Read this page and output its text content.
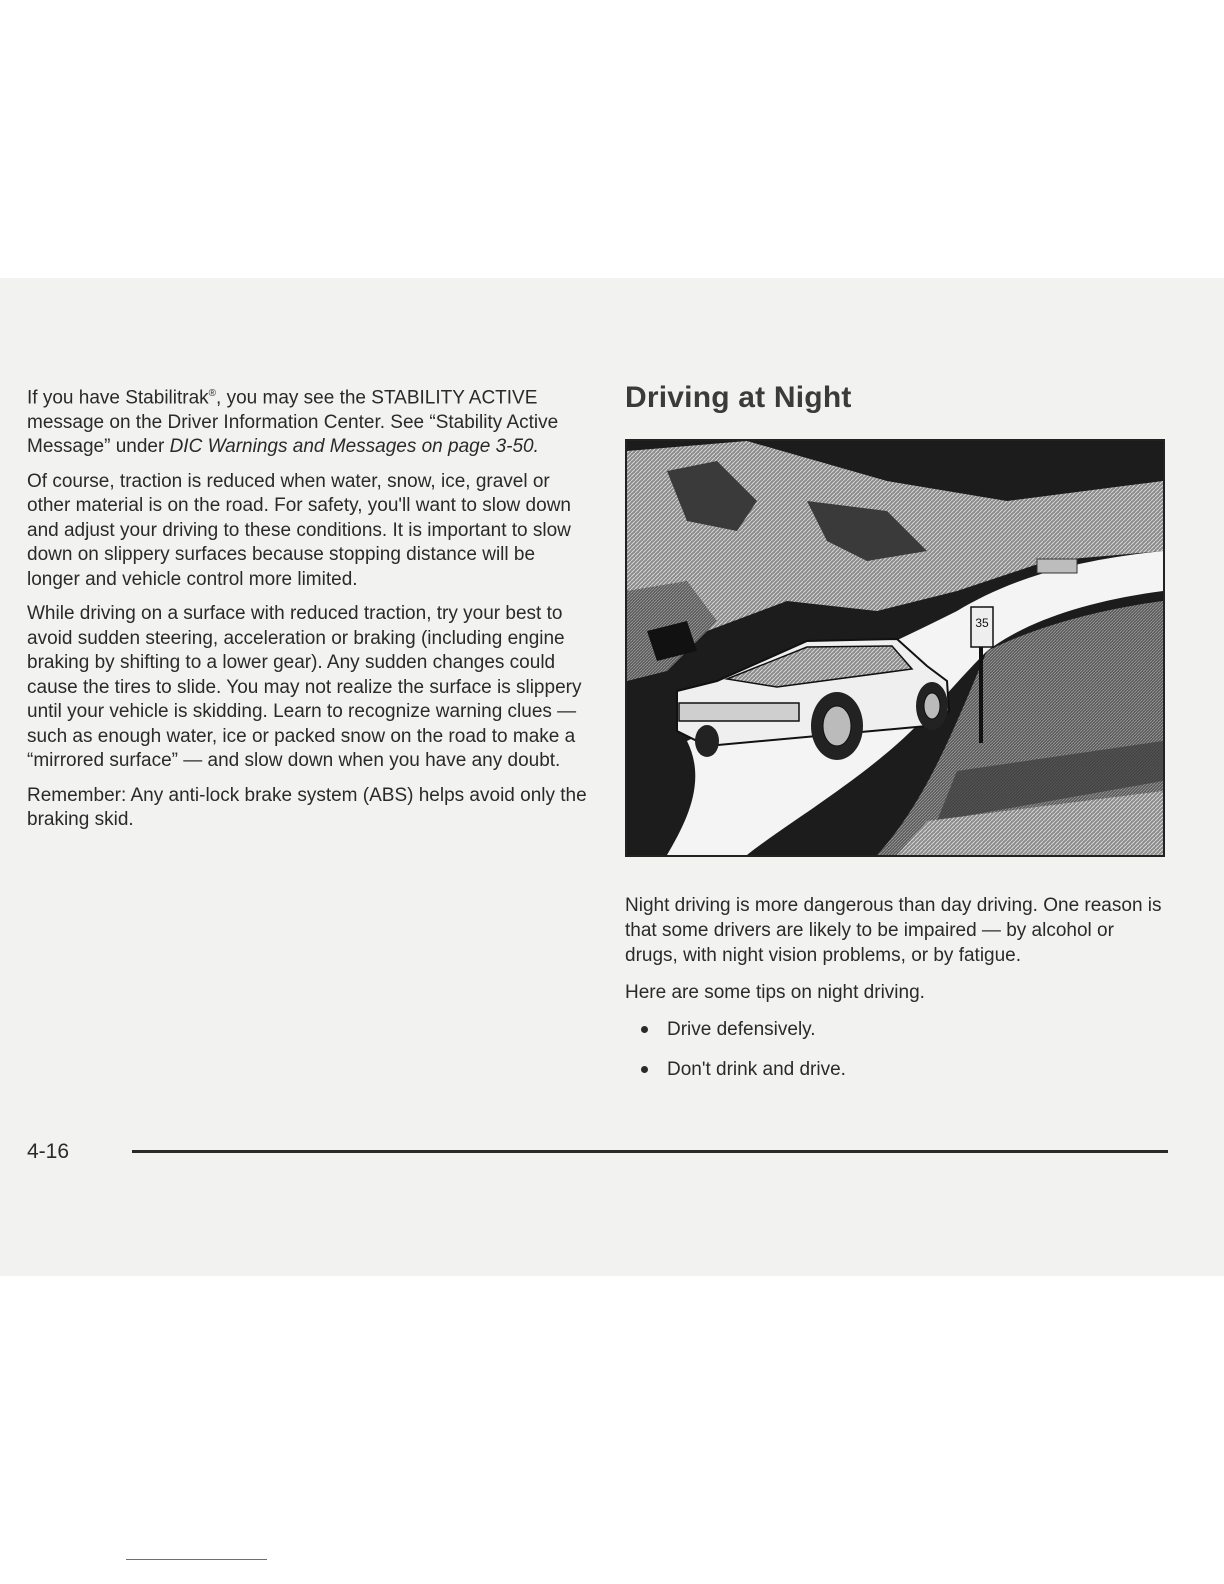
If you have Stabilitrak®, you may see the STABILITY ACTIVE message on the Driver Information Center. See “Stability Active Message” under DIC Warnings and Messages on page 3-50.

Of course, traction is reduced when water, snow, ice, gravel or other material is on the road. For safety, you'll want to slow down and adjust your driving to these conditions. It is important to slow down on slippery surfaces because stopping distance will be longer and vehicle control more limited.

While driving on a surface with reduced traction, try your best to avoid sudden steering, acceleration or braking (including engine braking by shifting to a lower gear). Any sudden changes could cause the tires to slide. You may not realize the surface is slippery until your vehicle is skidding. Learn to recognize warning clues — such as enough water, ice or packed snow on the road to make a “mirrored surface” — and slow down when you have any doubt.

Remember: Any anti-lock brake system (ABS) helps avoid only the braking skid.

Driving at Night
35

Night driving is more dangerous than day driving. One reason is that some drivers are likely to be impaired — by alcohol or drugs, with night vision problems, or by fatigue.

Here are some tips on night driving.

Drive defensively.
Don't drink and drive.
4-16
